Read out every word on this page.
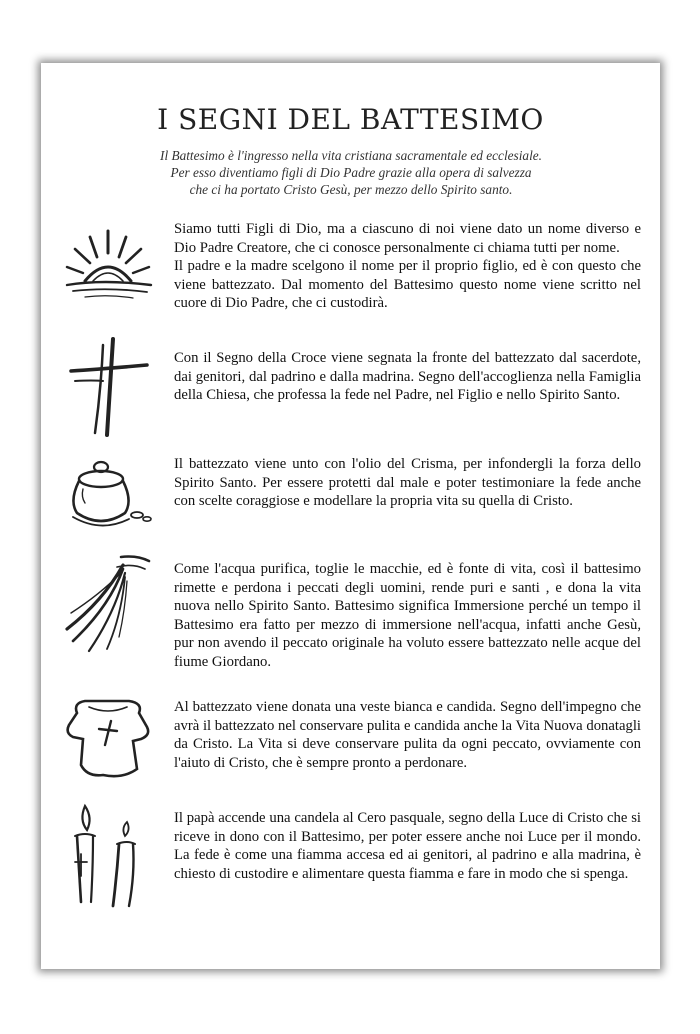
I SEGNI DEL BATTESIMO
Il Battesimo è l'ingresso nella vita cristiana sacramentale ed ecclesiale.
Per esso diventiamo figli di Dio Padre grazie alla opera di salvezza
che ci ha portato Cristo Gesù, per mezzo dello Spirito santo.

Siamo tutti Figli di Dio, ma a ciascuno di noi viene dato un nome diverso e Dio Padre Creatore, che ci conosce personalmente ci chiama tutti per nome.

Il padre e la madre scelgono il nome per il proprio figlio, ed è con questo che viene battezzato. Dal momento del Battesimo questo nome viene scritto nel cuore di Dio Padre, che ci custodirà.

Con il Segno della Croce viene segnata la fronte del battezzato dal sacerdote, dai genitori, dal padrino e dalla madrina. Segno dell'accoglienza nella Famiglia della Chiesa, che professa la fede nel Padre, nel Figlio e nello Spirito Santo.

Il battezzato viene unto con l'olio del Crisma, per infondergli la forza dello Spirito Santo. Per essere protetti dal male e poter testimoniare la fede anche con scelte coraggiose e modellare la propria vita su quella di Cristo.

Come l'acqua purifica, toglie le macchie, ed è fonte di vita, così il battesimo rimette e perdona i peccati degli uomini, rende puri e santi , e dona la vita nuova nello Spirito Santo. Battesimo significa Immersione perché un tempo il Battesimo era fatto per mezzo di immersione nell'acqua, infatti anche Gesù, pur non avendo il peccato originale ha voluto essere battezzato nelle acque del fiume Giordano.

Al battezzato viene donata una veste bianca e candida. Segno dell'impegno che avrà il battezzato nel conservare pulita e candida anche la Vita Nuova donatagli da Cristo. La Vita si deve conservare pulita da ogni peccato, ovviamente con l'aiuto di Cristo, che è sempre pronto a perdonare.

Il papà accende una candela al Cero pasquale, segno della Luce di Cristo che si riceve in dono con il Battesimo, per poter essere anche noi Luce per il mondo. La fede è come una fiamma accesa ed ai genitori, al padrino e alla madrina, è chiesto di custodire e alimentare questa fiamma e fare in modo che si spenga.
